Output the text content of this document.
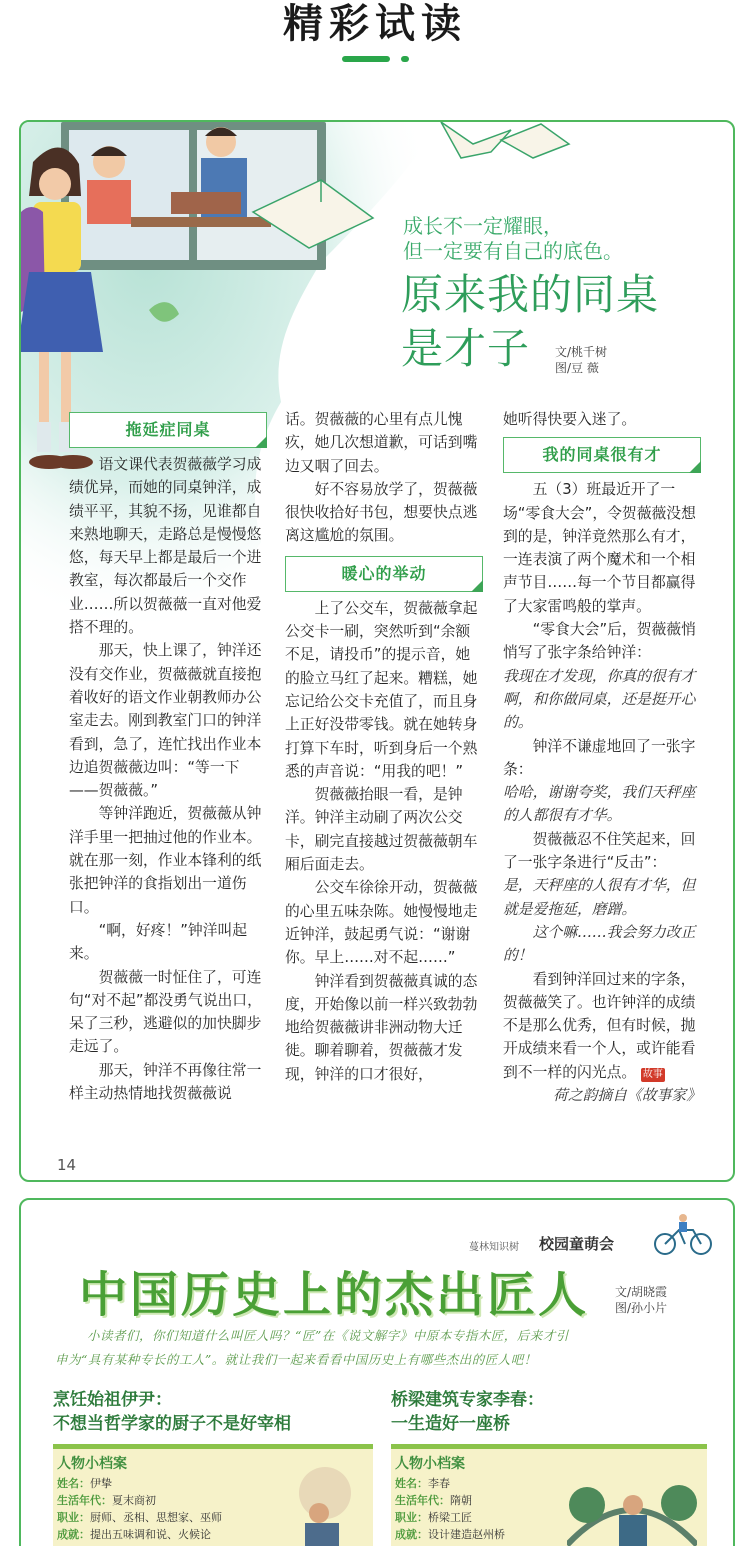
精彩试读
成长不一定耀眼，
但一定要有自己的底色。
原来我的同桌
是才子	文/桃千树
图/豆 薇
拖延症同桌

语文课代表贺薇薇学习成绩优异，而她的同桌钟洋，成绩平平，其貌不扬，见谁都自来熟地聊天，走路总是慢慢悠悠，每天早上都是最后一个进教室，每次都最后一个交作业……所以贺薇薇一直对他爱搭不理的。

那天，快上课了，钟洋还没有交作业，贺薇薇就直接抱着收好的语文作业朝教师办公室走去。刚到教室门口的钟洋看到，急了，连忙找出作业本边追贺薇薇边叫：“等一下——贺薇薇。”

等钟洋跑近，贺薇薇从钟洋手里一把抽过他的作业本。就在那一刻，作业本锋利的纸张把钟洋的食指划出一道伤口。

“啊，好疼！”钟洋叫起来。

贺薇薇一时怔住了，可连句“对不起”都没勇气说出口，呆了三秒，逃避似的加快脚步走远了。

那天，钟洋不再像往常一样主动热情地找贺薇薇说

话。贺薇薇的心里有点儿愧疚，她几次想道歉，可话到嘴边又咽了回去。

好不容易放学了，贺薇薇很快收拾好书包，想要快点逃离这尴尬的氛围。

暖心的举动

上了公交车，贺薇薇拿起公交卡一刷，突然听到“余额不足，请投币”的提示音，她的脸立马红了起来。糟糕，她忘记给公交卡充值了，而且身上正好没带零钱。就在她转身打算下车时，听到身后一个熟悉的声音说：“用我的吧！”

贺薇薇抬眼一看，是钟洋。钟洋主动刷了两次公交卡，刷完直接越过贺薇薇朝车厢后面走去。

公交车徐徐开动，贺薇薇的心里五味杂陈。她慢慢地走近钟洋，鼓起勇气说：“谢谢你。早上……对不起……”

钟洋看到贺薇薇真诚的态度，开始像以前一样兴致勃勃地给贺薇薇讲非洲动物大迁徙。聊着聊着，贺薇薇才发现，钟洋的口才很好，

她听得快要入迷了。

我的同桌很有才

五（3）班最近开了一场“零食大会”，令贺薇薇没想到的是，钟洋竟然那么有才，一连表演了两个魔术和一个相声节目……每一个节目都赢得了大家雷鸣般的掌声。

“零食大会”后，贺薇薇悄悄写了张字条给钟洋：

我现在才发现，你真的很有才啊，和你做同桌，还是挺开心的。

钟洋不谦虚地回了一张字条：

哈哈，谢谢夸奖，我们天秤座的人都很有才华。

贺薇薇忍不住笑起来，回了一张字条进行“反击”：

是，天秤座的人很有才华，但就是爱拖延，磨蹭。

这个嘛……我会努力改正的！

看到钟洋回过来的字条，贺薇薇笑了。也许钟洋的成绩不是那么优秀，但有时候，抛开成绩来看一个人，或许能看到不一样的闪光点。 故事

荷之韵摘自《故事家》

14
蔓林知识树 校园童萌会
中国历史上的杰出匠人 文/胡晓霞
图/孙小片
小读者们，你们知道什么叫匠人吗？“匠”在《说文解字》中原本专指木匠，后来才引
申为“具有某种专长的工人”。就让我们一起来看看中国历史上有哪些杰出的匠人吧！
烹饪始祖伊尹：
不想当哲学家的厨子不是好宰相
桥梁建筑专家李春：
一生造好一座桥
人物小档案
姓名：伊挚
生活年代：夏末商初
职业：厨师、丞相、思想家、巫师
成就：提出五味调和说、火候论
人物小档案
姓名：李春
生活年代：隋朝
职业：桥梁工匠
成就：设计建造赵州桥
